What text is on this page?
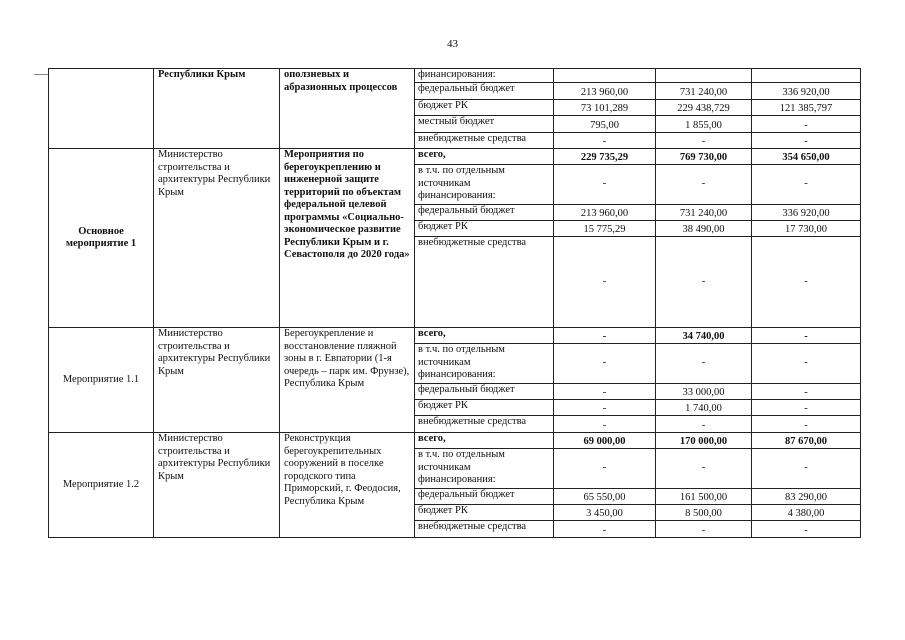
43
	Республики Крым	оползневых и абразионных процессов	финансирования:			
			федеральный бюджет	213 960,00	731 240,00	336 920,00
			бюджет РК	73 101,289	229 438,729	121 385,797
			местный бюджет	795,00	1 855,00	-
			внебюджетные средства	-	-	-
Основное мероприятие 1	Министерство строительства и архитектуры Республики Крым	Мероприятия по берегоукреплению и инженерной защите территорий по объектам федеральной целевой программы «Социально-экономическое развитие Республики Крым и г. Севастополя до 2020 года»	всего,	229 735,29	769 730,00	354 650,00
			в т.ч. по отдельным источникам финансирования:	-	-	-
			федеральный бюджет	213 960,00	731 240,00	336 920,00
			бюджет РК	15 775,29	38 490,00	17 730,00
			внебюджетные средства	-	-	-
Мероприятие 1.1	Министерство строительства и архитектуры Республики Крым	Берегоукрепление и восстановление пляжной зоны в г. Евпатории (1-я очередь – парк им. Фрунзе), Республика Крым	всего,	-	34 740,00	-
			в т.ч. по отдельным источникам финансирования:	-	-	-
			федеральный бюджет	-	33 000,00	-
			бюджет РК	-	1 740,00	-
			внебюджетные средства	-	-	-
Мероприятие 1.2	Министерство строительства и архитектуры Республики Крым	Реконструкция берегоукрепительных сооружений в поселке городского типа Приморский, г. Феодосия, Республика Крым	всего,	69 000,00	170 000,00	87 670,00
			в т.ч. по отдельным источникам финансирования:	-	-	-
			федеральный бюджет	65 550,00	161 500,00	83 290,00
			бюджет РК	3 450,00	8 500,00	4 380,00
			внебюджетные средства	-	-	-
